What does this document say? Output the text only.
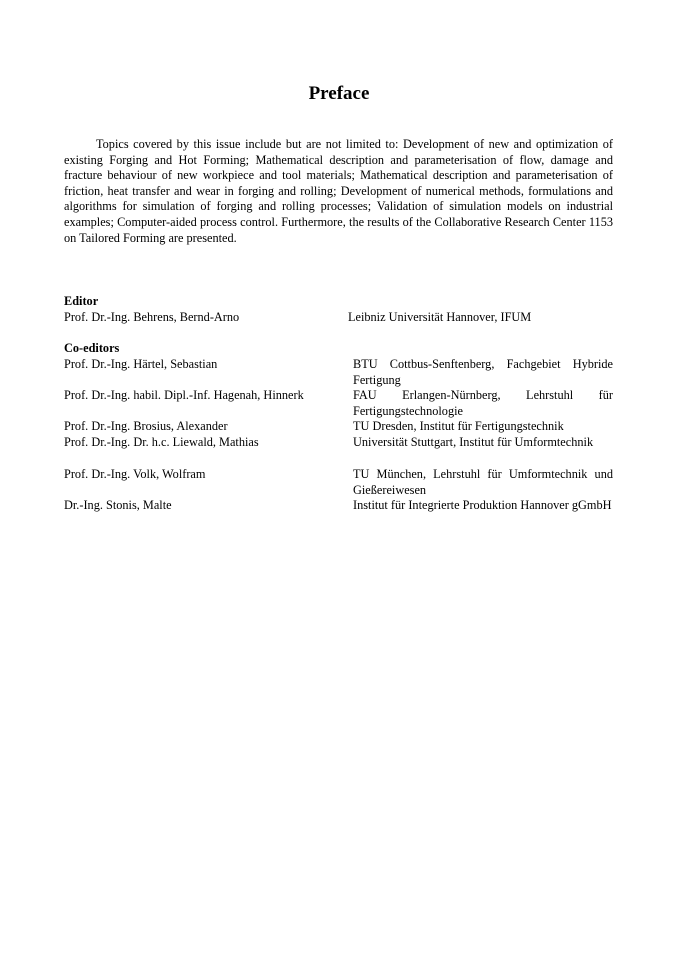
Preface

Topics covered by this issue include but are not limited to: Development of new and optimization of existing Forging and Hot Forming; Mathematical description and parameterisation of flow, damage and fracture behaviour of new workpiece and tool materials; Mathematical description and parameterisation of friction, heat transfer and wear in forging and rolling; Development of numerical methods, formulations and algorithms for simulation of forging and rolling processes; Validation of simulation models on industrial examples; Computer-aided process control. Furthermore, the results of the Collaborative Research Center 1153 on Tailored Forming are presented.

Editor
Prof. Dr.-Ing. Behrens, Bernd-Arno	Leibniz Universität Hannover, IFUM
Co-editors
Prof. Dr.-Ing. Härtel, Sebastian	BTU Cottbus-Senftenberg, Fachgebiet Hybride Fertigung
Prof. Dr.-Ing. habil. Dipl.-Inf. Hagenah, Hinnerk	FAU Erlangen-Nürnberg, Lehrstuhl für Fertigungstechnologie
Prof. Dr.-Ing. Brosius, Alexander	TU Dresden, Institut für Fertigungstechnik
Prof. Dr.-Ing. Dr. h.c. Liewald, Mathias	Universität Stuttgart, Institut für Umformtechnik
Prof. Dr.-Ing. Volk, Wolfram	TU München, Lehrstuhl für Umformtechnik und Gießereiwesen
Dr.-Ing. Stonis, Malte	Institut für Integrierte Produktion Hannover gGmbH
